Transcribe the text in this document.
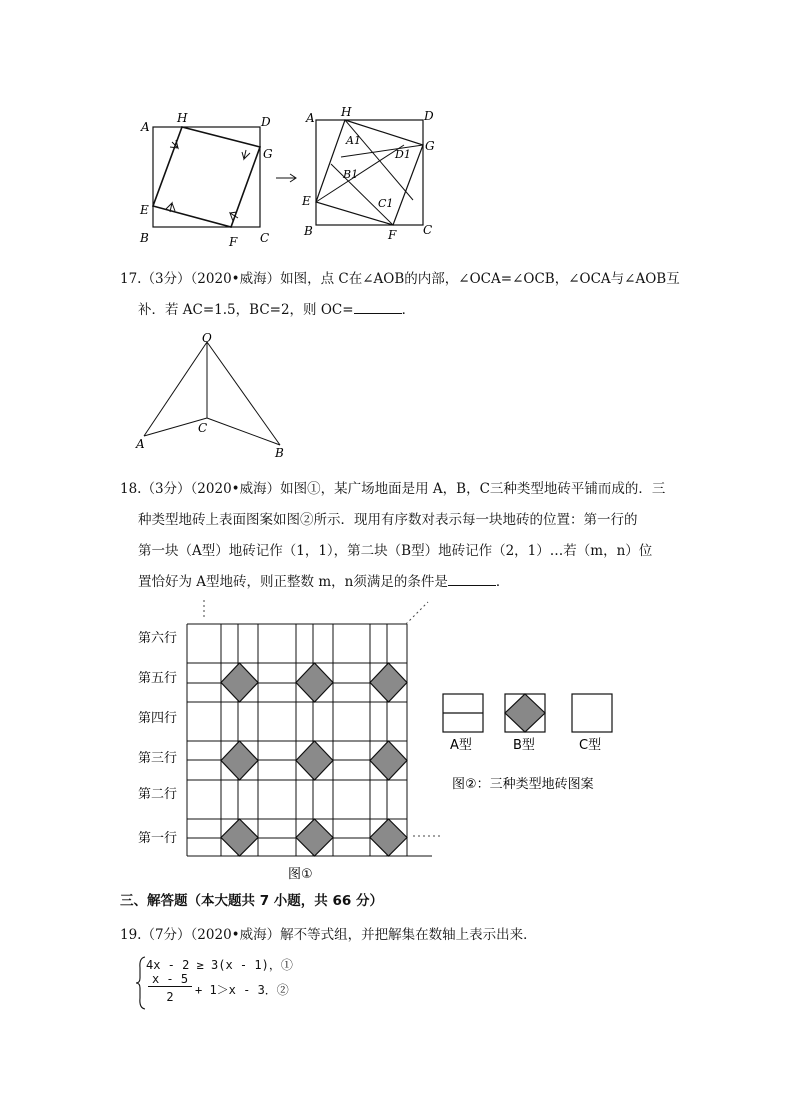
A
H	D
G
E
B	F C
A H	D
G
E
B	F C
A1
D1
B1
C1
17.（3分）（2020•威海）如图，点 C在∠AOB的内部，∠OCA=∠OCB，∠OCA与∠AOB互
补．若 AC=1.5，BC=2，则 OC=	．
O
A
B
C
18.（3分）（2020•威海）如图①，某广场地面是用 A，B，C三种类型地砖平铺而成的．三
种类型地砖上表面图案如图②所示．现用有序数对表示每一块地砖的位置：第一行的
第一块（A型）地砖记作（1，1），第二块（B型）地砖记作（2，1）…若（m，n）位
置恰好为 A型地砖，则正整数 m，n须满足的条件是	．
第六行
第五行
第四行
第三行
第二行
第一行
图①
A型	B型	C型
图②：三种类型地砖图案
三、解答题（本大题共 7 小题，共 66 分）
19.（7分）（2020•威海）解不等式组，并把解集在数轴上表示出来．
4x - 2 ≥ 3(x - 1)，①
x - 5
2	+ 1＞x - 3．②
